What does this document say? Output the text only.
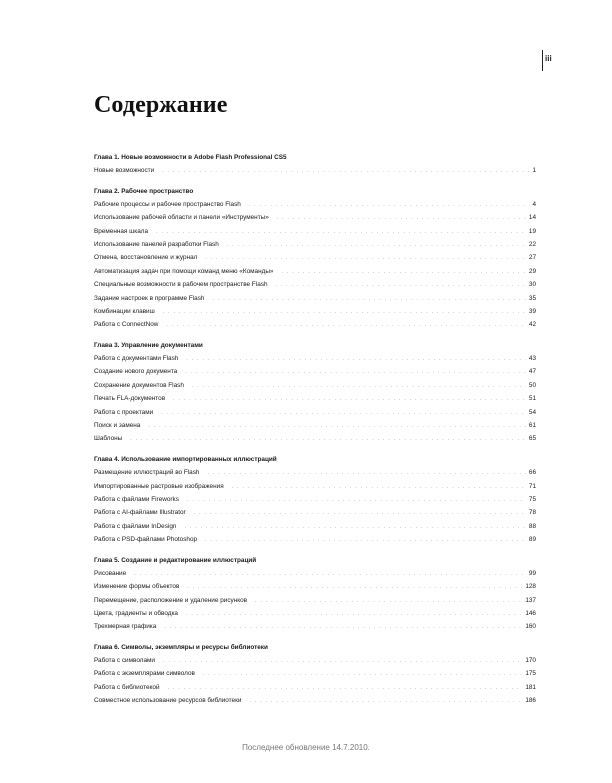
iii
Содержание
Глава 1. Новые возможности в Adobe Flash Professional CS5
Новые возможности . . .	1
Глава 2. Рабочее пространство
Рабочие процессы и рабочее пространство Flash . . .	4
Использование рабочей области и панели «Инструменты» . . .	14
Временная шкала . . .	19
Использование панелей разработки Flash . . .	22
Отмена, восстановление и журнал . . .	27
Автоматизация задач при помощи команд меню «Команды» . . .	29
Специальные возможности в рабочем пространстве Flash . . .	30
Задание настроек в программе Flash . . .	35
Комбинации клавиш . . .	39
Работа с ConnectNow . . .	42
Глава 3. Управление документами
Работа с документами Flash . . .	43
Создание нового документа . . .	47
Сохранение документов Flash . . .	50
Печать FLA-документов . . .	51
Работа с проектами . . .	54
Поиск и замена . . .	61
Шаблоны . . .	65
Глава 4. Использование импортированных иллюстраций
Размещение иллюстраций во Flash . . .	66
Импортированные растровые изображения . . .	71
Работа с файлами Fireworks . . .	75
Работа с AI-файлами Illustrator . . .	78
Работа с файлами InDesign . . .	88
Работа с PSD-файлами Photoshop . . .	89
Глава 5. Создание и редактирование иллюстраций
Рисование . . .	99
Изменение формы объектов . . .	128
Перемещение, расположение и удаление рисунков . . .	137
Цвета, градиенты и обводка . . .	146
Трехмерная графика . . .	160
Глава 6. Символы, экземпляры и ресурсы библиотеки
Работа с символами . . .	170
Работа с экземплярами символов . . .	175
Работа с библиотекой . . .	181
Совместное использование ресурсов библиотеки . . .	186
Последнее обновление 14.7.2010.
